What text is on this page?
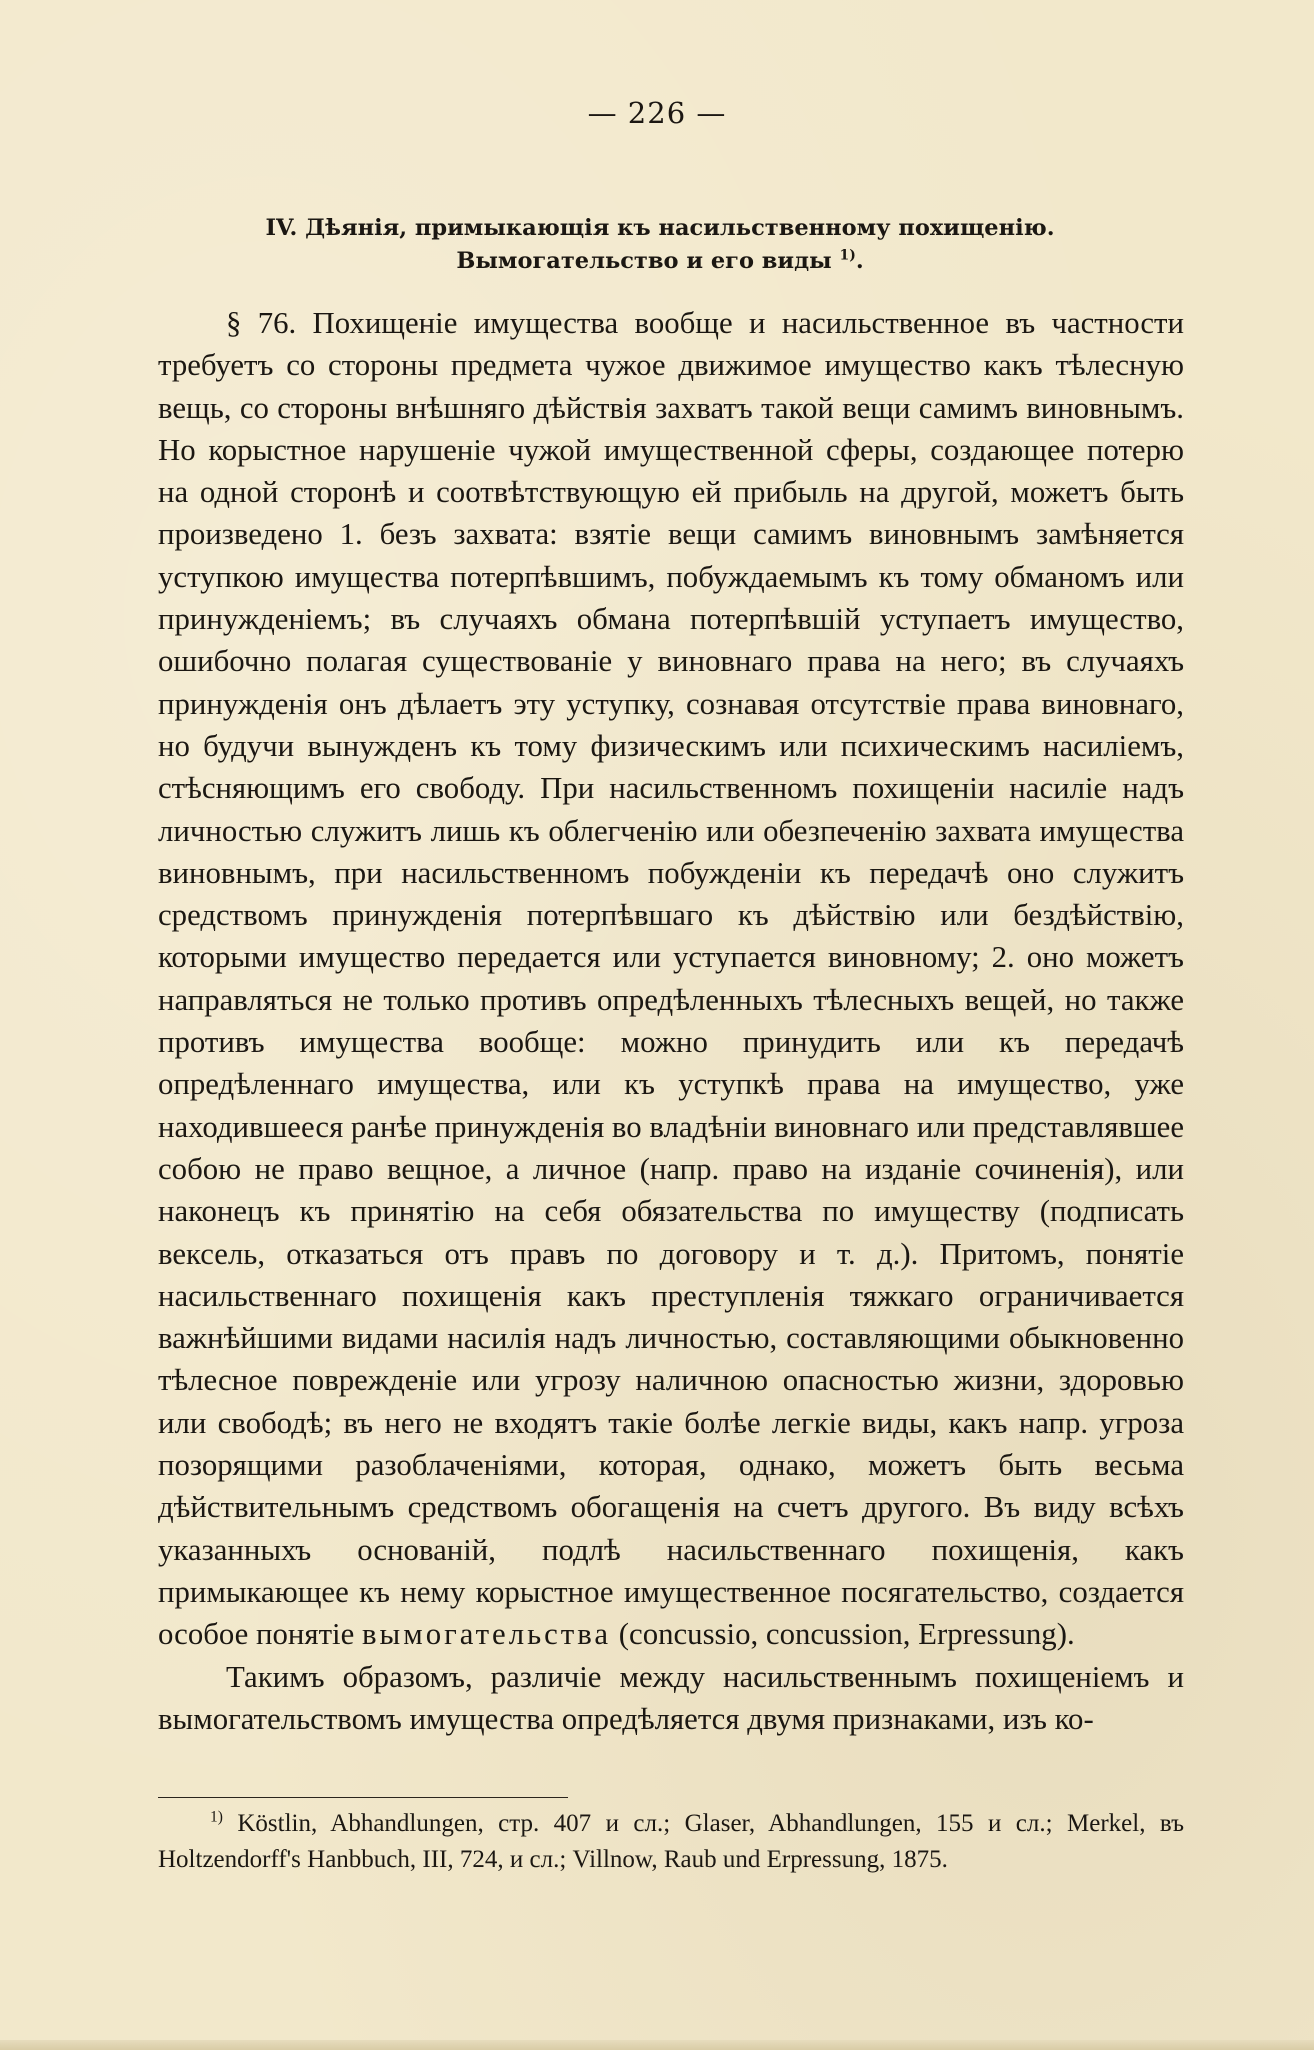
— 226 —
IV. Дѣянія, примыкающія къ насильственному похищенію. Вымогательство и его виды $^{1)}$.

§ 76. Похищеніе имущества вообще и насильственное въ частности требуетъ со стороны предмета чужое движимое имущество какъ тѣлесную вещь, со стороны внѣшняго дѣйствія захватъ такой вещи самимъ виновнымъ. Но корыстное нарушеніе чужой имущественной сферы, создающее потерю на одной сторонѣ и соотвѣтствующую ей прибыль на другой, можетъ быть произведено 1. безъ захвата: взятіе вещи самимъ виновнымъ замѣняется уступкою имущества потерпѣвшимъ, побуждаемымъ къ тому обманомъ или принужденіемъ; въ случаяхъ обмана потерпѣвшій уступаетъ имущество, ошибочно полагая существованіе у виновнаго права на него; въ случаяхъ принужденія онъ дѣлаетъ эту уступку, сознавая отсутствіе права виновнаго, но будучи вынужденъ къ тому физическимъ или психическимъ насиліемъ, стѣсняющимъ его свободу. При насильственномъ похищеніи насиліе надъ личностью служитъ лишь къ облегченію или обезпеченію захвата имущества виновнымъ, при насильственномъ побужденіи къ передачѣ оно служитъ средствомъ принужденія потерпѣвшаго къ дѣйствію или бездѣйствію, которыми имущество передается или уступается виновному; 2. оно можетъ направляться не только противъ опредѣленныхъ тѣлесныхъ вещей, но также противъ имущества вообще: можно принудить или къ передачѣ опредѣленнаго имущества, или къ уступкѣ права на имущество, уже находившееся ранѣе принужденія во владѣніи виновнаго или представлявшее собою не право вещное, а личное (напр. право на изданіе сочиненія), или наконецъ къ принятію на себя обязательства по имуществу (подписать вексель, отказаться отъ правъ по договору и т. д.). Притомъ, понятіе насильственнаго похищенія какъ преступленія тяжкаго ограничивается важнѣйшими видами насилія надъ личностью, составляющими обыкновенно тѣлесное поврежденіе или угрозу наличною опасностью жизни, здоровью или свободѣ; въ него не входятъ такіе болѣе легкіе виды, какъ напр. угроза позорящими разоблаченіями, которая, однако, можетъ быть весьма дѣйствительнымъ средствомъ обогащенія на счетъ другого. Въ виду всѣхъ указанныхъ основаній, подлѣ насильственнаго похищенія, какъ примыкающее къ нему корыстное имущественное посягательство, создается особое понятіе вымогательства (concussio, concussion, Erpressung).

Такимъ образомъ, различіе между насильственнымъ похищеніемъ и вымогательствомъ имущества опредѣляется двумя признаками, изъ ко-

$^{1)}$ Köstlin, Abhandlungen, стр. 407 и сл.; Glaser, Abhandlungen, 155 и сл.; Merkel, въ Holtzendorff's Hanbbuch, III, 724, и сл.; Villnow, Raub und Erpressung, 1875.
